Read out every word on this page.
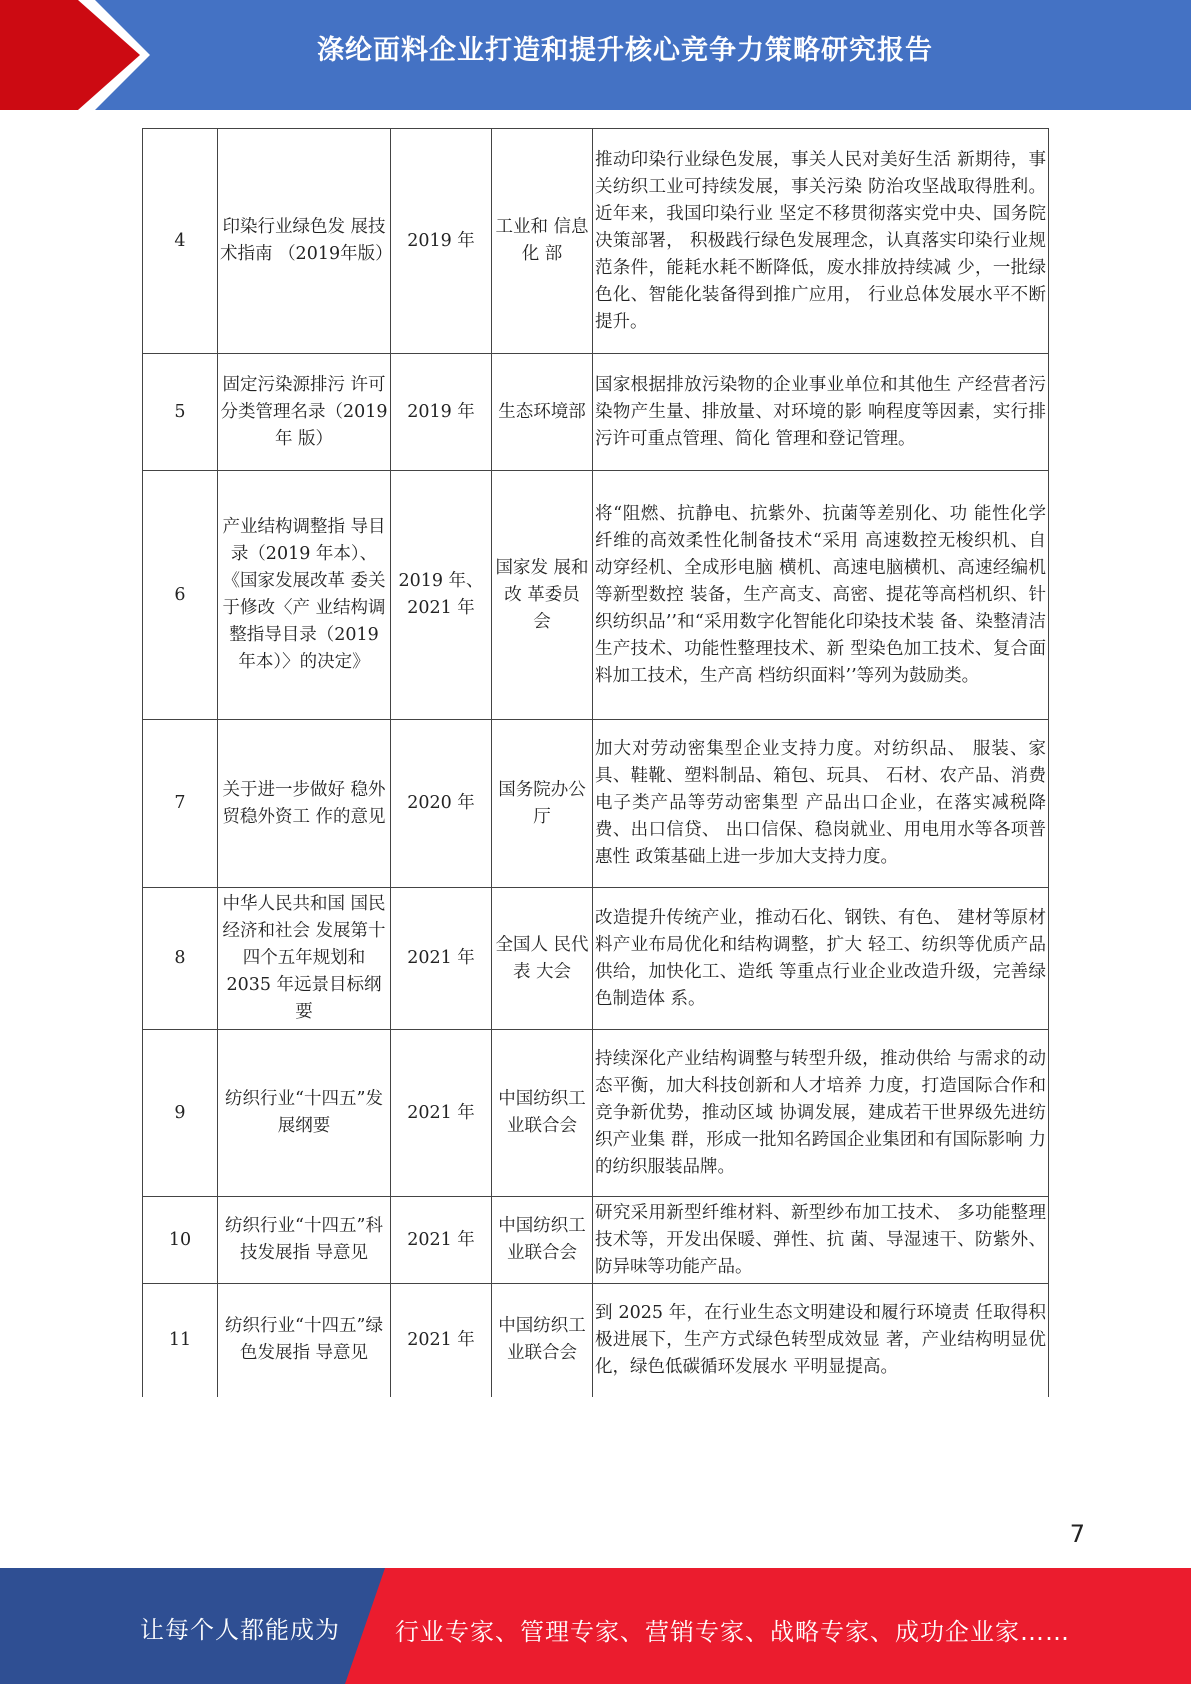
涤纶面料企业打造和提升核心竞争力策略研究报告
4	印染行业绿色发 展技术指南 （2019年版）	2019 年	工业和 信息化 部	推动印染行业绿色发展，事关人民对美好生活 新期待，事关纺织工业可持续发展，事关污染 防治攻坚战取得胜利。近年来，我国印染行业 坚定不移贯彻落实党中央、国务院决策部署， 积极践行绿色发展理念，认真落实印染行业规 范条件，能耗水耗不断降低，废水排放持续减 少，一批绿色化、智能化装备得到推广应用， 行业总体发展水平不断提升。
5	固定污染源排污 许可分类管理名录（2019 年 版）	2019 年	生态环境部	国家根据排放污染物的企业事业单位和其他生 产经营者污染物产生量、排放量、对环境的影 响程度等因素，实行排污许可重点管理、简化 管理和登记管理。
6	产业结构调整指 导目录（2019 年本）、《国家发展改革 委关于修改〈产 业结构调整指导目录（2019 年本）〉的决定》	2019 年、2021 年	国家发 展和改 革委员 会	将“阻燃、抗静电、抗紫外、抗菌等差别化、功 能性化学纤维的高效柔性化制备技术“采用 高速数控无梭织机、自动穿经机、全成形电脑 横机、高速电脑横机、高速经编机等新型数控 装备，生产高支、高密、提花等高档机织、针 织纺织品’’和“采用数字化智能化印染技术装 备、染整清洁生产技术、功能性整理技术、新 型染色加工技术、复合面料加工技术，生产高 档纺织面料’’等列为鼓励类。
7	关于进一步做好 稳外贸稳外资工 作的意见	2020 年	国务院办公厅	加大对劳动密集型企业支持力度。对纺织品、 服装、家具、鞋靴、塑料制品、箱包、玩具、 石材、农产品、消费电子类产品等劳动密集型 产品出口企业，在落实减税降费、出口信贷、 出口信保、稳岗就业、用电用水等各项普惠性 政策基础上进一步加大支持力度。
8	中华人民共和国 国民经济和社会 发展第十四个五年规划和 2035 年远景目标纲要	2021 年	全国人 民代表 大会	改造提升传统产业，推动石化、钢铁、有色、 建材等原材料产业布局优化和结构调整，扩大 轻工、纺织等优质产品供给，加快化工、造纸 等重点行业企业改造升级，完善绿色制造体 系。
9	纺织行业“十四五”发展纲要	2021 年	中国纺织工业联合会	持续深化产业结构调整与转型升级，推动供给 与需求的动态平衡，加大科技创新和人才培养 力度，打造国际合作和竞争新优势，推动区域 协调发展，建成若干世界级先进纺织产业集 群，形成一批知名跨国企业集团和有国际影响 力的纺织服装品牌。
10	纺织行业“十四五”科技发展指 导意见	2021 年	中国纺织工业联合会	研究采用新型纤维材料、新型纱布加工技术、 多功能整理技术等，开发出保暖、弹性、抗 菌、导湿速干、防紫外、防异味等功能产品。
11	纺织行业“十四五”绿色发展指 导意见	2021 年	中国纺织工业联合会	到 2025 年，在行业生态文明建设和履行环境责 任取得积极进展下，生产方式绿色转型成效显 著，产业结构明显优化，绿色低碳循环发展水 平明显提高。
7
让每个人都能成为 行业专家、管理专家、营销专家、战略专家、成功企业家……
